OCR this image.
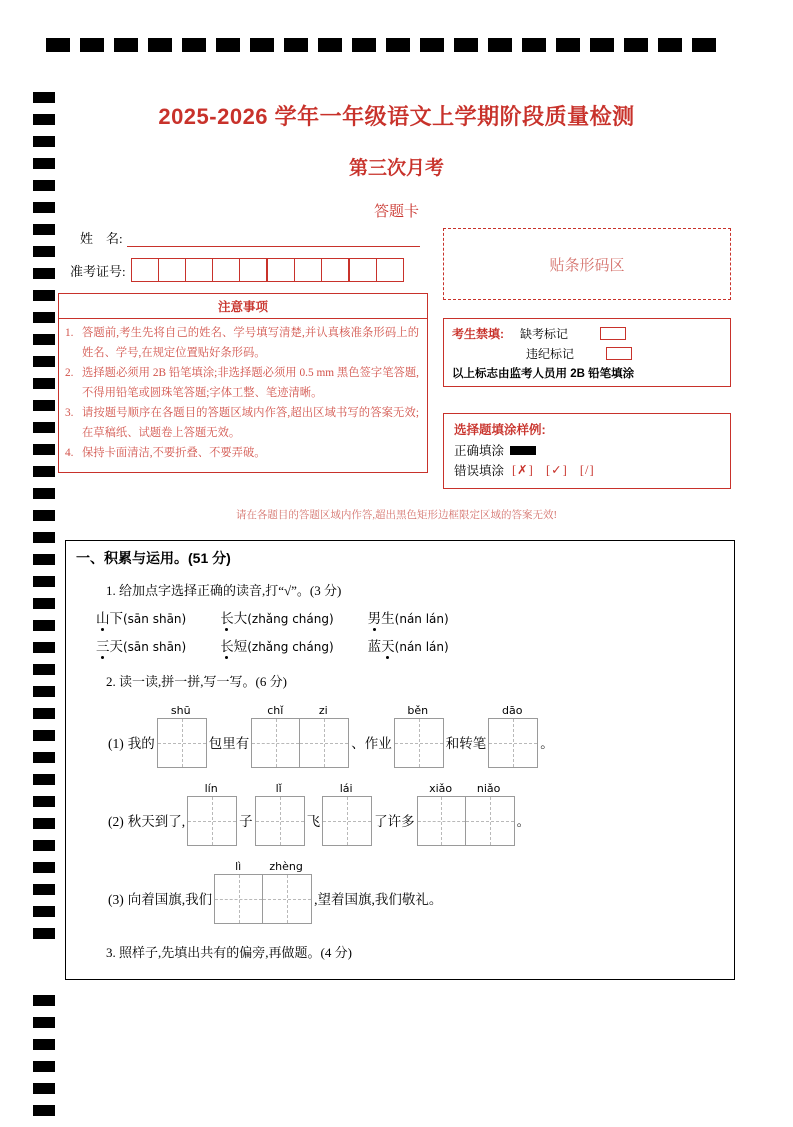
2025-2026 学年一年级语文上学期阶段质量检测
第三次月考
答题卡
姓    名:
准考证号:
注意事项
1. 答题前,考生先将自己的姓名、学号填写清楚,并认真核准条形码上的姓名、学号,在规定位置贴好条形码。
2. 选择题必须用 2B 铅笔填涂;非选择题必须用 0.5 mm 黑色签字笔答题,不得用铅笔或圆珠笔答题;字体工整、笔迹清晰。
3. 请按题号顺序在各题目的答题区域内作答,超出区域书写的答案无效;在草稿纸、试题卷上答题无效。
4. 保持卡面清洁,不要折叠、不要弄破。
贴条形码区
考生禁填: 缺考标记
违纪标记
以上标志由监考人员用 2B 铅笔填涂
选择题填涂样例:
正确填涂
错误填涂 [✗] [✓] [/]
请在各题目的答题区域内作答,超出黑色矩形边框限定区域的答案无效!
一、积累与运用。(51 分)
1. 给加点字选择正确的读音,打“√”。(3 分)
山 下 (sān shān)	长 大 (zhǎng cháng)	男 生 (nán lán)
三 天 (sān shān)	长 短 (zhǎng cháng)	蓝 天 (nán lán)
2. 读一读,拼一拼,写一写。(6 分)
(1) 我的
shū
包里有
chǐ	zi
、作业
běn
和转笔
dāo
。
(2) 秋天到了,
lín
子
lǐ
飞
lái
了许多
xiǎo	niǎo
。
(3) 向着国旗,我们
lì	zhèng
,望着国旗,我们敬礼。
3. 照样子,先填出共有的偏旁,再做题。(4 分)
